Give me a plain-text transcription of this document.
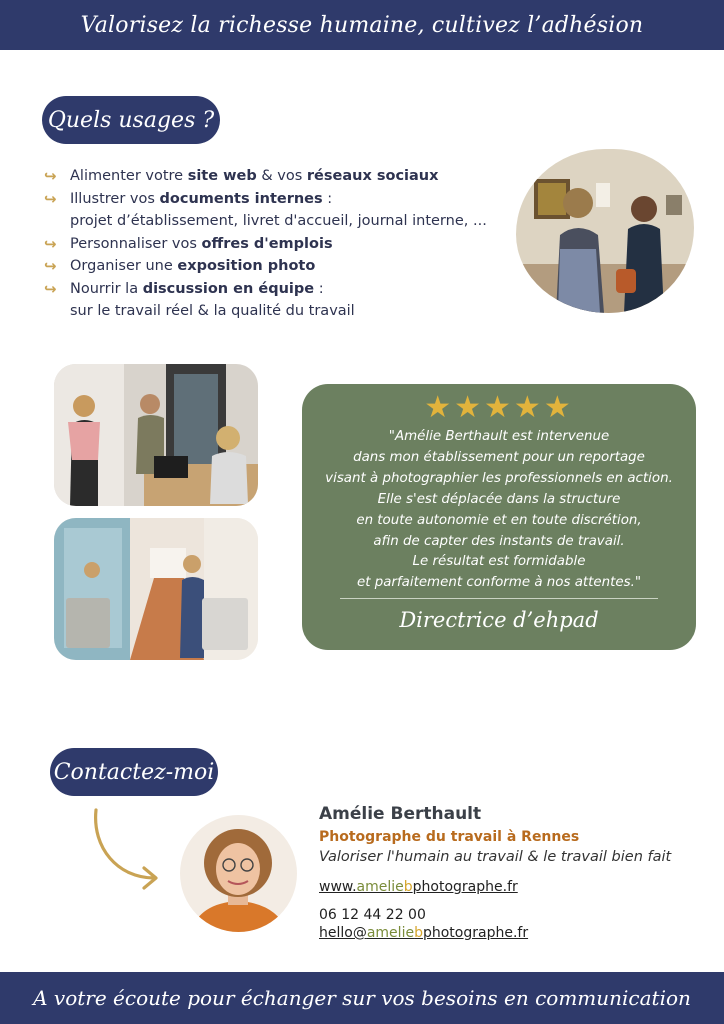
Valorisez la richesse humaine, cultivez l’adhésion
Quels usages ?
↪ Alimenter votre site web & vos réseaux sociaux
↪ Illustrer vos documents internes :
projet d’établissement, livret d'accueil, journal interne, ...
↪ Personnaliser vos offres d'emplois
↪ Organiser une exposition photo
↪ Nourrir la discussion en équipe :
sur le travail réel & la qualité du travail
★★★★★
"Amélie Berthault est intervenue
dans mon établissement pour un reportage
visant à photographier les professionnels en action.
Elle s'est déplacée dans la structure
en toute autonomie et en toute discrétion,
afin de capter des instants de travail.
Le résultat est formidable
et parfaitement conforme à nos attentes."
Directrice d’ehpad
Contactez-moi
Amélie Berthault
Photographe du travail à Rennes
Valoriser l'humain au travail & le travail bien fait
www.ameliebphotographe.fr
06 12 44 22 00
hello@ameliebphotographe.fr
A votre écoute pour échanger sur vos besoins en communication
